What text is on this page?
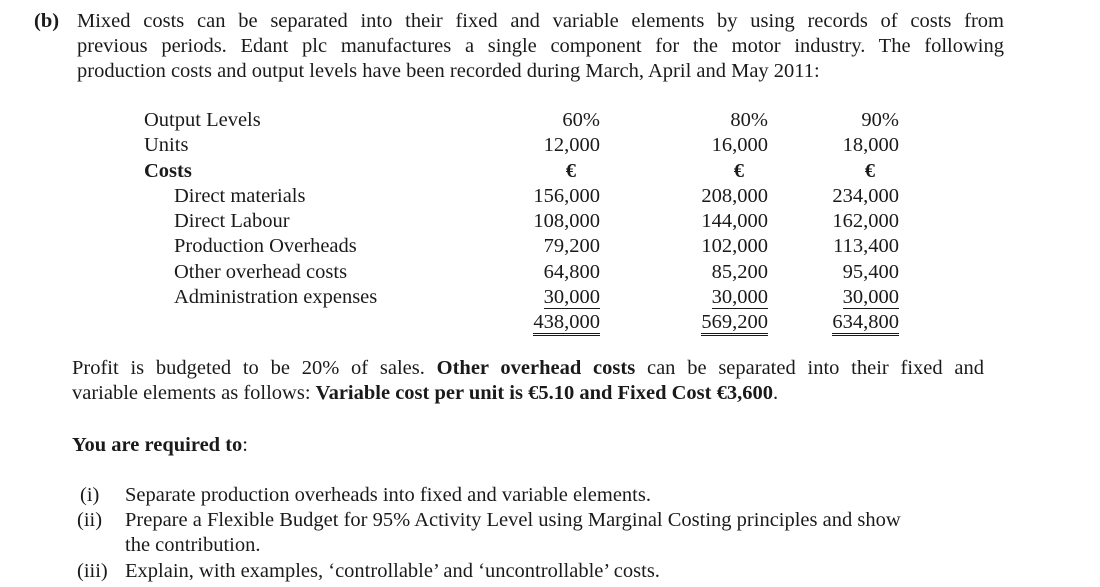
(b) Mixed costs can be separated into their fixed and variable elements by using records of costs from
previous periods. Edant plc manufactures a single component for the motor industry. The following
production costs and output levels have been recorded during March, April and May 2011:
Output Levels
Units
Costs
Direct materials
Direct Labour
Production Overheads
Other overhead costs
Administration expenses
60%
12,000
€
156,000
108,000
79,200
64,800
30,000
438,000
80%
16,000
€
208,000
144,000
102,000
85,200
30,000
569,200
90%
18,000
€
234,000
162,000
113,400
95,400
30,000
634,800
Profit is budgeted to be 20% of sales. Other overhead costs can be separated into their fixed and
variable elements as follows: Variable cost per unit is €5.10 and Fixed Cost €3,600.
You are required to:
(i) Separate production overheads into fixed and variable elements.
(ii) Prepare a Flexible Budget for 95% Activity Level using Marginal Costing principles and show
the contribution.
(iii) Explain, with examples, ‘controllable’ and ‘uncontrollable’ costs.
